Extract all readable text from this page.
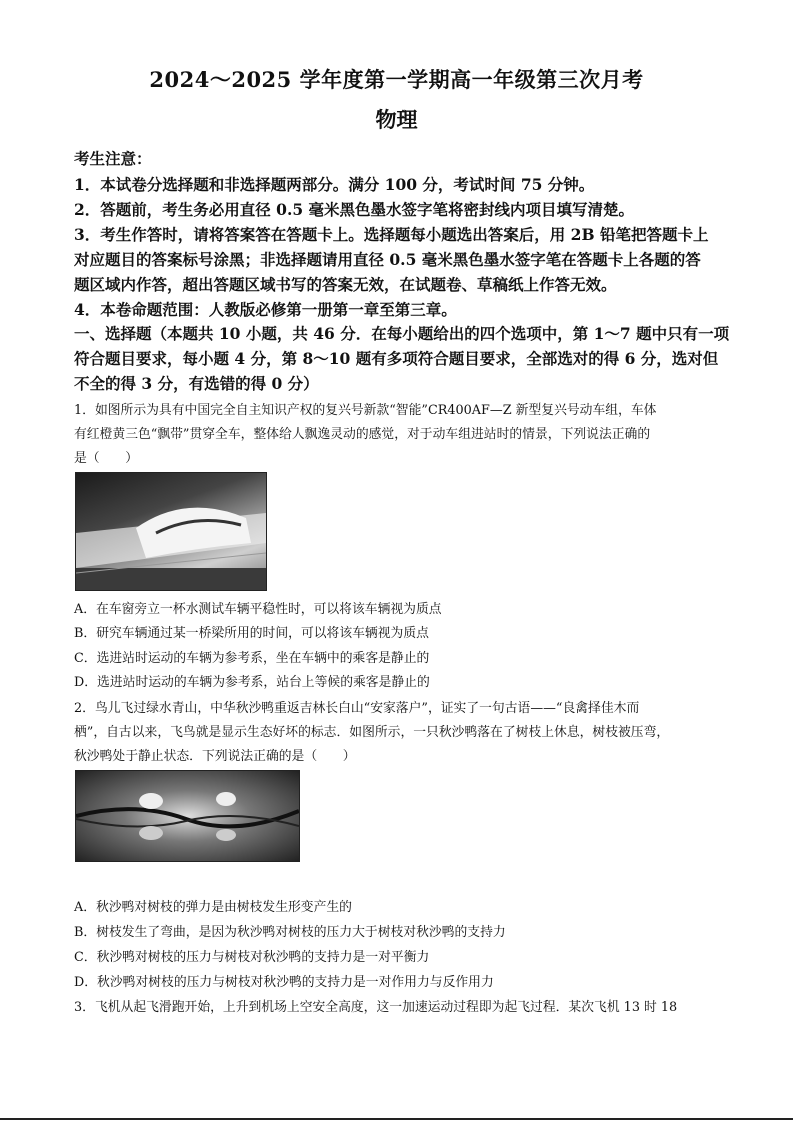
2024～2025 学年度第一学期高一年级第三次月考
物理
考生注意：
1．本试卷分选择题和非选择题两部分。满分 100 分，考试时间 75 分钟。
2．答题前，考生务必用直径 0.5 毫米黑色墨水签字笔将密封线内项目填写清楚。
3．考生作答时，请将答案答在答题卡上。选择题每小题选出答案后，用 2B 铅笔把答题卡上
对应题目的答案标号涂黑；非选择题请用直径 0.5 毫米黑色墨水签字笔在答题卡上各题的答
题区域内作答，超出答题区域书写的答案无效，在试题卷、草稿纸上作答无效。
4．本卷命题范围：人教版必修第一册第一章至第三章。
一、选择题（本题共 10 小题，共 46 分．在每小题给出的四个选项中，第 1～7 题中只有一项
符合题目要求，每小题 4 分，第 8～10 题有多项符合题目要求，全部选对的得 6 分，选对但
不全的得 3 分，有选错的得 0 分）
1．如图所示为具有中国完全自主知识产权的复兴号新款“智能”CR400AF—Z 新型复兴号动车组，车体
有红橙黄三色“飘带”贯穿全车，整体给人飘逸灵动的感觉，对于动车组进站时的情景，下列说法正确的
是（　　）
A．在车窗旁立一杯水测试车辆平稳性时，可以将该车辆视为质点
B．研究车辆通过某一桥梁所用的时间，可以将该车辆视为质点
C．选进站时运动的车辆为参考系，坐在车辆中的乘客是静止的
D．选进站时运动的车辆为参考系，站台上等候的乘客是静止的
2．鸟儿飞过绿水青山，中华秋沙鸭重返吉林长白山“安家落户”，证实了一句古语——“良禽择佳木而
栖”，自古以来，飞鸟就是显示生态好坏的标志．如图所示，一只秋沙鸭落在了树枝上休息，树枝被压弯，
秋沙鸭处于静止状态．下列说法正确的是（　　）
A．秋沙鸭对树枝的弹力是由树枝发生形变产生的
B．树枝发生了弯曲，是因为秋沙鸭对树枝的压力大于树枝对秋沙鸭的支持力
C．秋沙鸭对树枝的压力与树枝对秋沙鸭的支持力是一对平衡力
D．秋沙鸭对树枝的压力与树枝对秋沙鸭的支持力是一对作用力与反作用力
3．飞机从起飞滑跑开始，上升到机场上空安全高度，这一加速运动过程即为起飞过程．某次飞机 13 时 18
